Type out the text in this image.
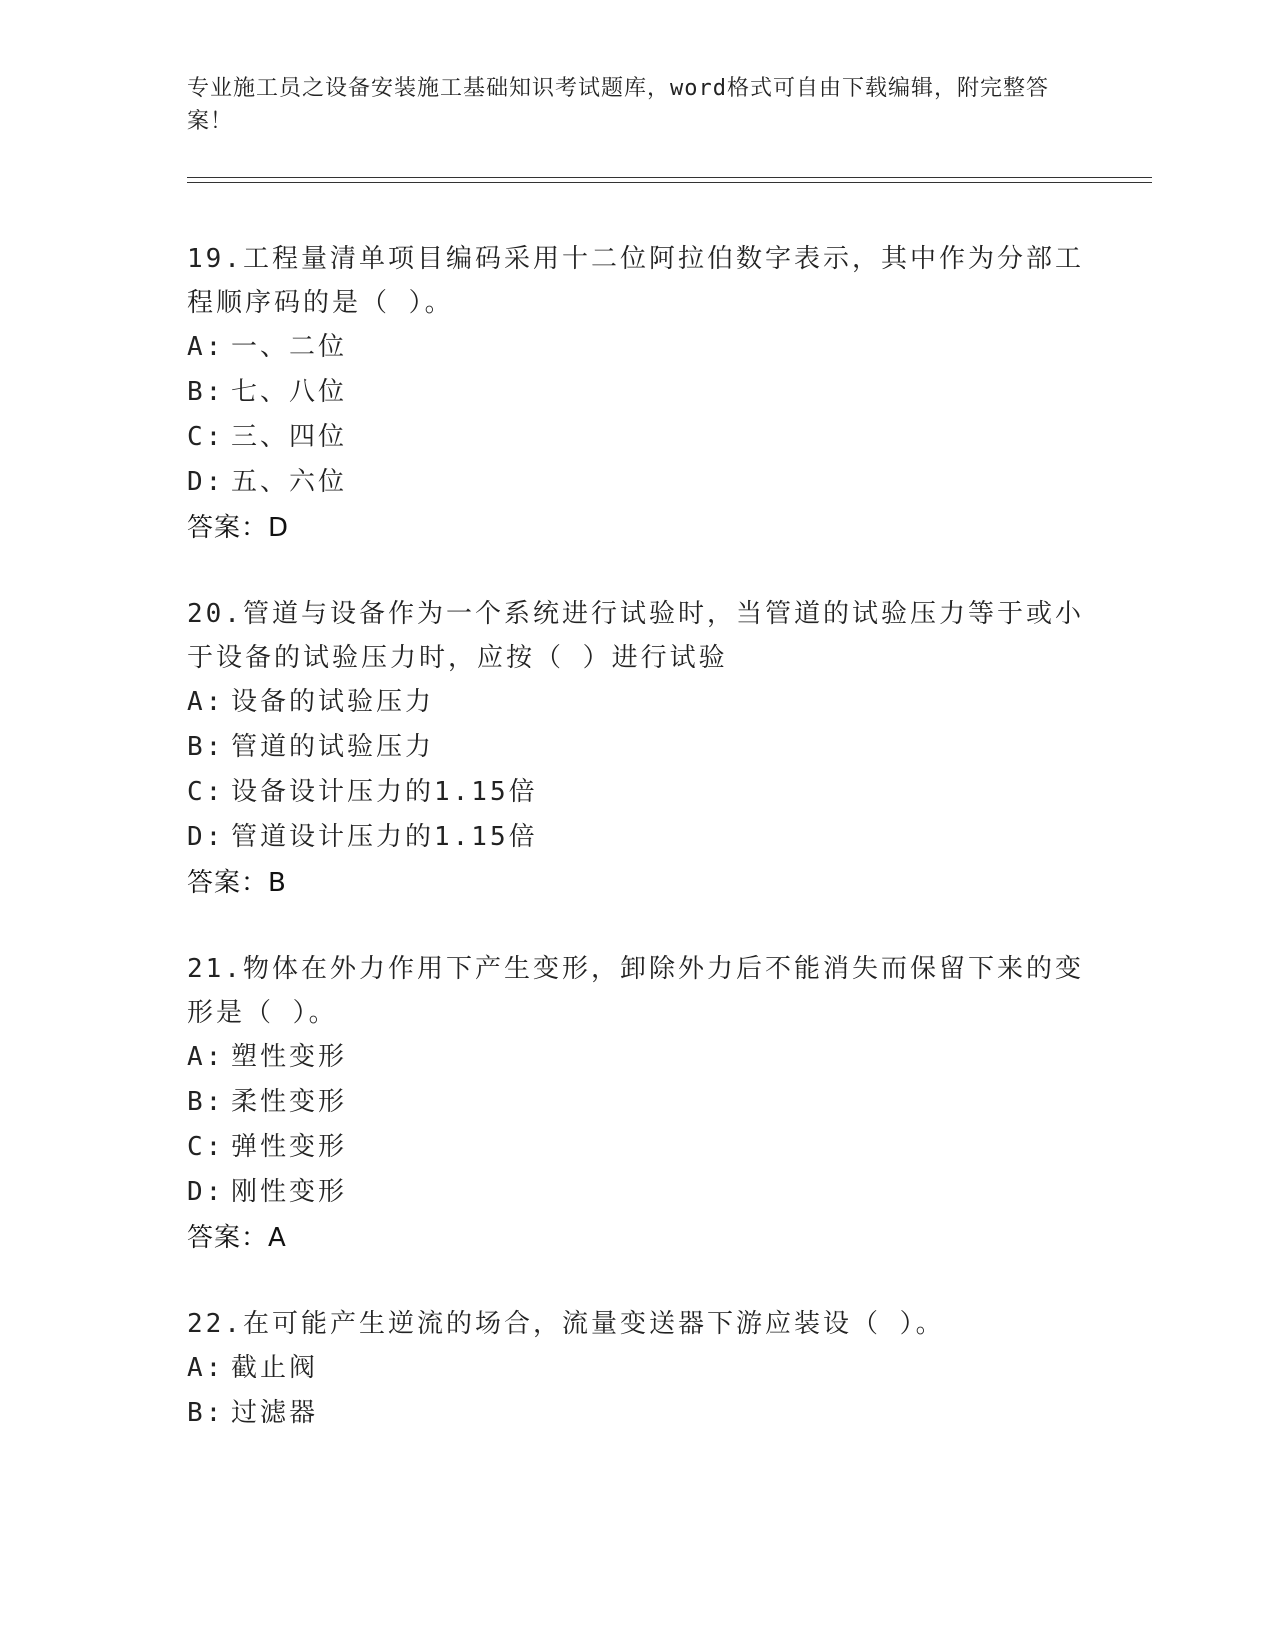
专业施工员之设备安装施工基础知识考试题库，word格式可自由下载编辑，附完整答案！

19.工程量清单项目编码采用十二位阿拉伯数字表示，其中作为分部工程顺序码的是（ ）。

A: 一、二位

B: 七、八位

C: 三、四位

D: 五、六位

答案：D

20.管道与设备作为一个系统进行试验时，当管道的试验压力等于或小于设备的试验压力时，应按（ ）进行试验

A: 设备的试验压力

B: 管道的试验压力

C: 设备设计压力的1.15倍

D: 管道设计压力的1.15倍

答案：B

21.物体在外力作用下产生变形，卸除外力后不能消失而保留下来的变形是（ ）。

A: 塑性变形

B: 柔性变形

C: 弹性变形

D: 刚性变形

答案：A

22.在可能产生逆流的场合，流量变送器下游应装设（ ）。

A: 截止阀

B: 过滤器
